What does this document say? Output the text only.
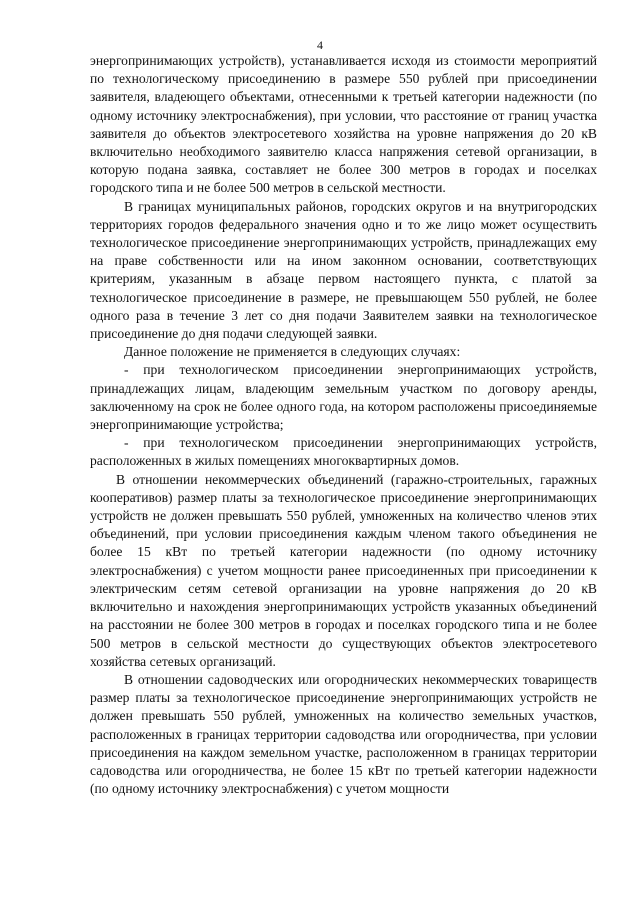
4

энергопринимающих устройств), устанавливается исходя из стоимости мероприятий по технологическому присоединению в размере 550 рублей при присоединении заявителя, владеющего объектами, отнесенными к третьей категории надежности (по одному источнику электроснабжения), при условии, что расстояние от границ участка заявителя до объектов электросетевого хозяйства на уровне напряжения до 20 кВ включительно необходимого заявителю класса напряжения сетевой организации, в которую подана заявка, составляет не более 300 метров в городах и поселках городского типа и не более 500 метров в сельской местности.

В границах муниципальных районов, городских округов и на внутригородских территориях городов федерального значения одно и то же лицо может осуществить технологическое присоединение энергопринимающих устройств, принадлежащих ему на праве собственности или на ином законном основании, соответствующих критериям, указанным в абзаце первом настоящего пункта, с платой за технологическое присоединение в размере, не превышающем 550 рублей, не более одного раза в течение 3 лет со дня подачи Заявителем заявки на технологическое присоединение до дня подачи следующей заявки.

Данное положение не применяется в следующих случаях:

- при технологическом присоединении энергопринимающих устройств, принадлежащих лицам, владеющим земельным участком по договору аренды, заключенному на срок не более одного года, на котором расположены присоединяемые энергопринимающие устройства;

- при технологическом присоединении энергопринимающих устройств, расположенных в жилых помещениях многоквартирных домов.

В отношении некоммерческих объединений (гаражно-строительных, гаражных кооперативов) размер платы за технологическое присоединение энергопринимающих устройств не должен превышать 550 рублей, умноженных на количество членов этих объединений, при условии присоединения каждым членом такого объединения не более 15 кВт по третьей категории надежности (по одному источнику электроснабжения) с учетом мощности ранее присоединенных при присоединении к электрическим сетям сетевой организации на уровне напряжения до 20 кВ включительно и нахождения энергопринимающих устройств указанных объединений на расстоянии не более 300 метров в городах и поселках городского типа и не более 500 метров в сельской местности до существующих объектов электросетевого хозяйства сетевых организаций.

В отношении садоводческих или огороднических некоммерческих товариществ размер платы за технологическое присоединение энергопринимающих устройств не должен превышать 550 рублей, умноженных на количество земельных участков, расположенных в границах территории садоводства или огородничества, при условии присоединения на каждом земельном участке, расположенном в границах территории садоводства или огородничества, не более 15 кВт по третьей категории надежности (по одному источнику электроснабжения) с учетом мощности
